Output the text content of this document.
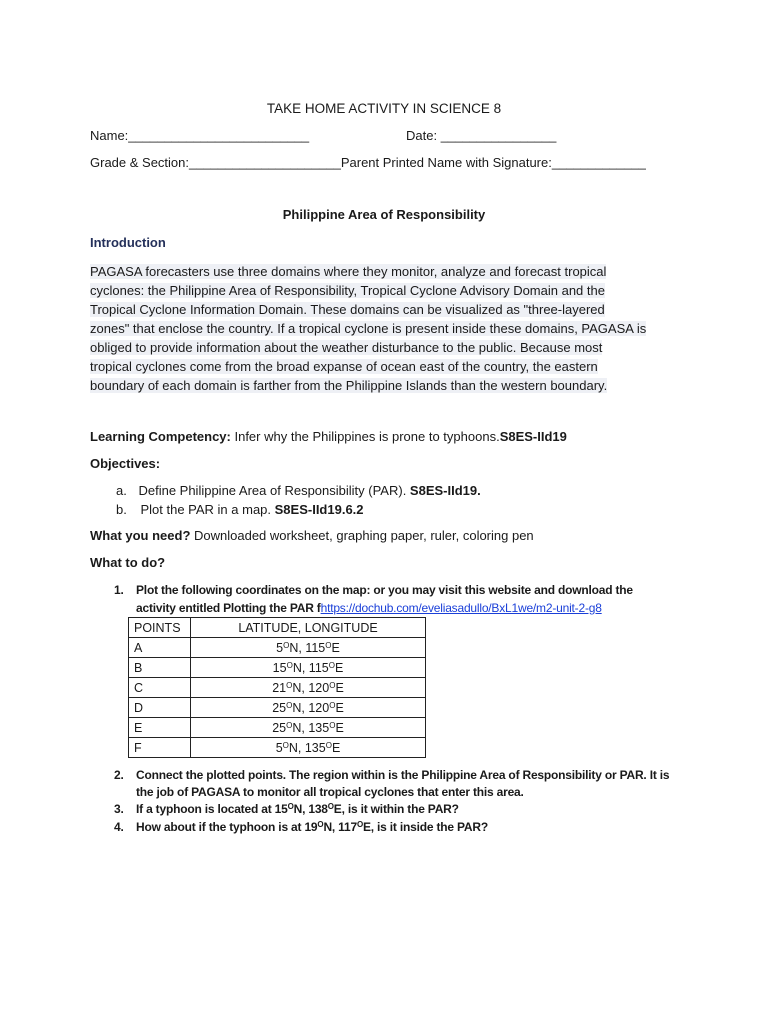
TAKE HOME ACTIVITY IN SCIENCE 8
Name:_________________________	Date: ________________
Grade & Section:_____________________Parent Printed Name with Signature:_____________
Philippine Area of Responsibility
Introduction
PAGASA forecasters use three domains where they monitor, analyze and forecast tropical
cyclones: the Philippine Area of Responsibility, Tropical Cyclone Advisory Domain and the
Tropical Cyclone Information Domain. These domains can be visualized as "three-layered
zones" that enclose the country. If a tropical cyclone is present inside these domains, PAGASA is
obliged to provide information about the weather disturbance to the public. Because most
tropical cyclones come from the broad expanse of ocean east of the country, the eastern
boundary of each domain is farther from the Philippine Islands than the western boundary.
Learning Competency: Infer why the Philippines is prone to typhoons.S8ES-IId19
Objectives:
a. Define Philippine Area of Responsibility (PAR). S8ES-IId19.
b. Plot the PAR in a map. S8ES-IId19.6.2
What you need? Downloaded worksheet, graphing paper, ruler, coloring pen
What to do?
1. Plot the following coordinates on the map: or you may visit this website and download the
activity entitled Plotting the PAR fhttps://dochub.com/eveliasadullo/BxL1we/m2-unit-2-g8
POINTS	LATITUDE, LONGITUDE
A	$5^ON$, $115^OE$
B	$15^ON$, $115^OE$
C	$21^ON$, $120^OE$
D	$25^ON$, $120^OE$
E	$25^ON$, $135^OE$
F	$5^ON$, $135^OE$
2. Connect the plotted points. The region within is the Philippine Area of Responsibility or PAR. It is
the job of PAGASA to monitor all tropical cyclones that enter this area.
3. If a typhoon is located at $15^ON$, $138^OE$, is it within the PAR?
4. How about if the typhoon is at $19^ON$, $117^OE$, is it inside the PAR?
